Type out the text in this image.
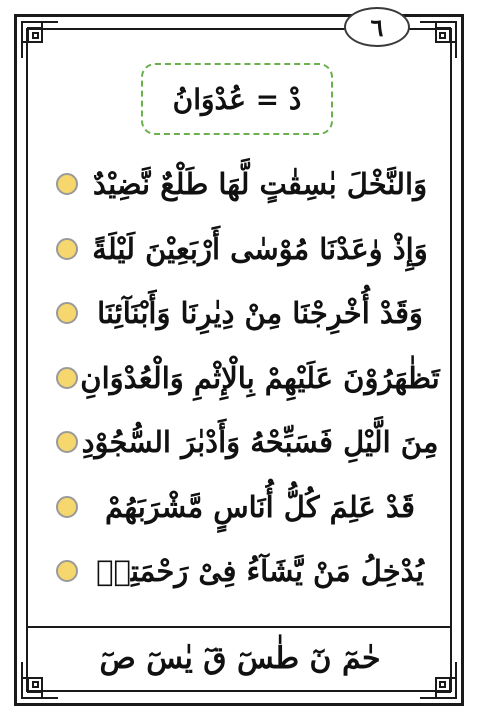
٦
دْ = عُدْوَانُ
وَالنَّخْلَ بٰسِقٰتٍ لَّهَا طَلْعٌ نَّضِيْدٌ
وَإِذْ وٰعَدْنَا مُوْسٰى أَرْبَعِيْنَ لَيْلَةً
وَقَدْ أُخْرِجْنَا مِنْ دِيٰرِنَا وَأَبْنَآئِنَا
تَظٰهَرُوْنَ عَلَيْهِمْ بِالْإِثْمِ وَالْعُدْوَانِ
مِنَ الَّيْلِ فَسَبِّحْهُ وَأَدْبٰرَ السُّجُوْدِ
قَدْ عَلِمَ كُلُّ أُنَاسٍ مَّشْرَبَهُمْ
يُدْخِلُ مَنْ يَّشَآءُ فِىْ رَحْمَتِهٖ
حٰمٓ نٓ طٰسٓ قٓ يٰسٓ صٓ
